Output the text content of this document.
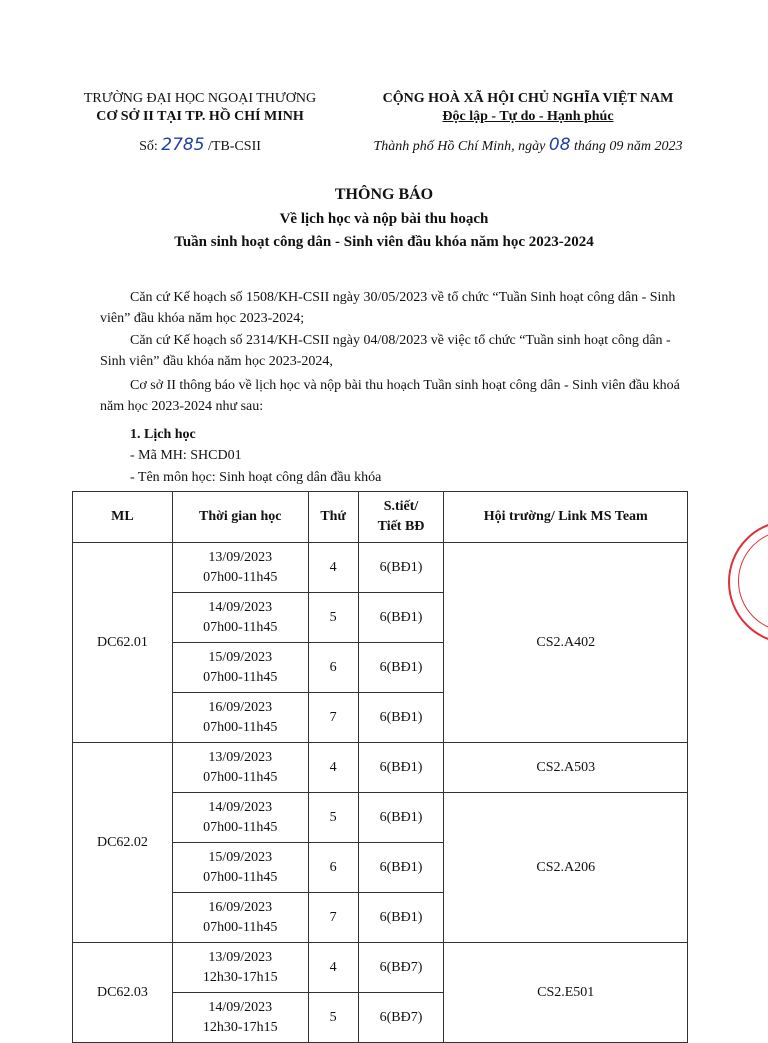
TRƯỜNG ĐẠI HỌC NGOẠI THƯƠNG
CƠ SỞ II TẠI TP. HỒ CHÍ MINH
Số: 2785 /TB-CSII
CỘNG HOÀ XÃ HỘI CHỦ NGHĨA VIỆT NAM
Độc lập - Tự do - Hạnh phúc
Thành phố Hồ Chí Minh, ngày 08 tháng 09 năm 2023
THÔNG BÁO
Về lịch học và nộp bài thu hoạch
Tuần sinh hoạt công dân - Sinh viên đầu khóa năm học 2023-2024
Căn cứ Kế hoạch số 1508/KH-CSII ngày 30/05/2023 về tổ chức “Tuần Sinh hoạt công dân - Sinh viên” đầu khóa năm học 2023-2024;
Căn cứ Kế hoạch số 2314/KH-CSII ngày 04/08/2023 về việc tổ chức “Tuần sinh hoạt công dân - Sinh viên” đầu khóa năm học 2023-2024,
Cơ sở II thông báo về lịch học và nộp bài thu hoạch Tuần sinh hoạt công dân - Sinh viên đầu khoá năm học 2023-2024 như sau:
1. Lịch học
- Mã MH: SHCD01
- Tên môn học: Sinh hoạt công dân đầu khóa
ML	Thời gian học	Thứ	S.tiết/
Tiết BĐ	Hội trường/ Link MS Team
DC62.01	13/09/2023
07h00-11h45	4	6(BĐ1)	CS2.A402

	14/09/2023
07h00-11h45	5	6(BĐ1)	

	15/09/2023
07h00-11h45	6	6(BĐ1)	

	16/09/2023
07h00-11h45	7	6(BĐ1)	
DC62.02	13/09/2023
07h00-11h45	4	6(BĐ1)	CS2.A503

	14/09/2023
07h00-11h45	5	6(BĐ1)	CS2.A206

	15/09/2023
07h00-11h45	6	6(BĐ1)	

	16/09/2023
07h00-11h45	7	6(BĐ1)	
DC62.03	13/09/2023
12h30-17h15	4	6(BĐ7)	CS2.E501

	14/09/2023
12h30-17h15	5	6(BĐ7)	
